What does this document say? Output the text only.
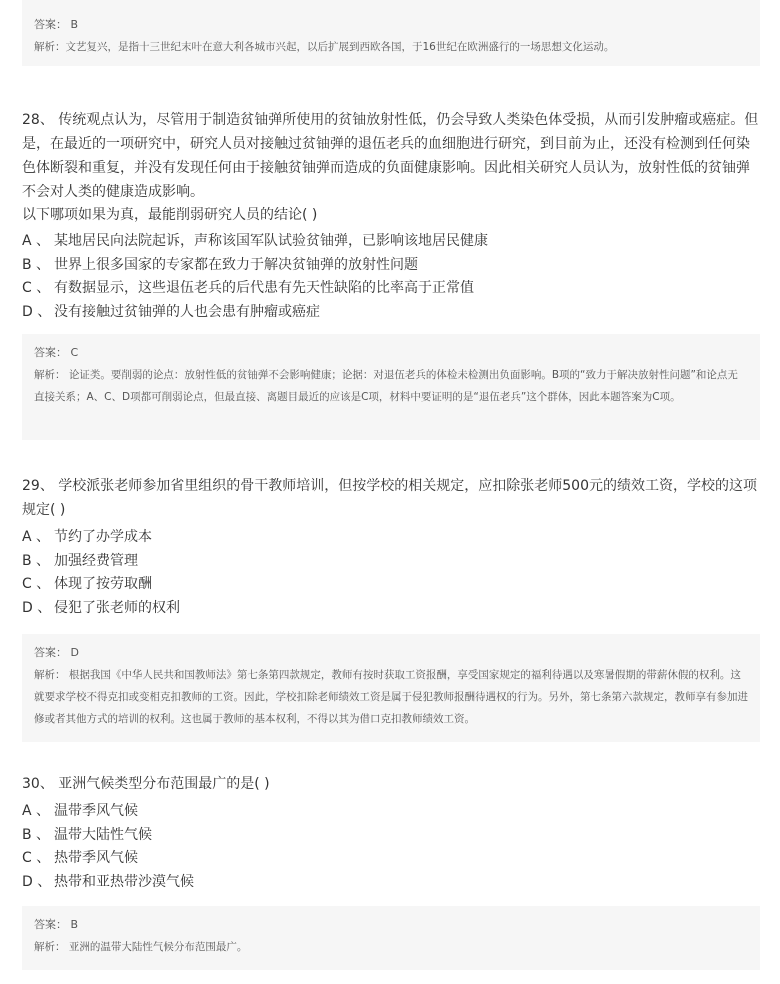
答案： B
解析：文艺复兴，是指十三世纪末叶在意大利各城市兴起，以后扩展到西欧各国，于16世纪在欧洲盛行的一场思想文化运动。

28、 传统观点认为，尽管用于制造贫铀弹所使用的贫铀放射性低，仍会导致人类染色体受损，从而引发肿瘤或癌症。但是，在最近的一项研究中，研究人员对接触过贫铀弹的退伍老兵的血细胞进行研究，到目前为止，还没有检测到任何染色体断裂和重复，并没有发现任何由于接触贫铀弹而造成的负面健康影响。因此相关研究人员认为，放射性低的贫铀弹不会对人类的健康造成影响。

以下哪项如果为真，最能削弱研究人员的结论( )

A 、 某地居民向法院起诉，声称该国军队试验贫铀弹，已影响该地居民健康
B 、 世界上很多国家的专家都在致力于解决贫铀弹的放射性问题
C 、 有数据显示，这些退伍老兵的后代患有先天性缺陷的比率高于正常值
D 、 没有接触过贫铀弹的人也会患有肿瘤或癌症
答案： C
解析： 论证类。要削弱的论点：放射性低的贫铀弹不会影响健康；论据：对退伍老兵的体检未检测出负面影响。B项的“致力于解决放射性问题”和论点无直接关系；A、C、D项都可削弱论点，但最直接、离题目最近的应该是C项，材料中要证明的是“退伍老兵”这个群体，因此本题答案为C项。

29、 学校派张老师参加省里组织的骨干教师培训，但按学校的相关规定，应扣除张老师500元的绩效工资，学校的这项规定( )

A 、 节约了办学成本
B 、 加强经费管理
C 、 体现了按劳取酬
D 、 侵犯了张老师的权利
答案： D
解析： 根据我国《中华人民共和国教师法》第七条第四款规定，教师有按时获取工资报酬，享受国家规定的福利待遇以及寒暑假期的带薪休假的权利。这就要求学校不得克扣或变相克扣教师的工资。因此，学校扣除老师绩效工资是属于侵犯教师报酬待遇权的行为。另外，第七条第六款规定，教师享有参加进修或者其他方式的培训的权利。这也属于教师的基本权利，不得以其为借口克扣教师绩效工资。

30、 亚洲气候类型分布范围最广的是( )

A 、 温带季风气候
B 、 温带大陆性气候
C 、 热带季风气候
D 、 热带和亚热带沙漠气候
答案： B
解析： 亚洲的温带大陆性气候分布范围最广。
